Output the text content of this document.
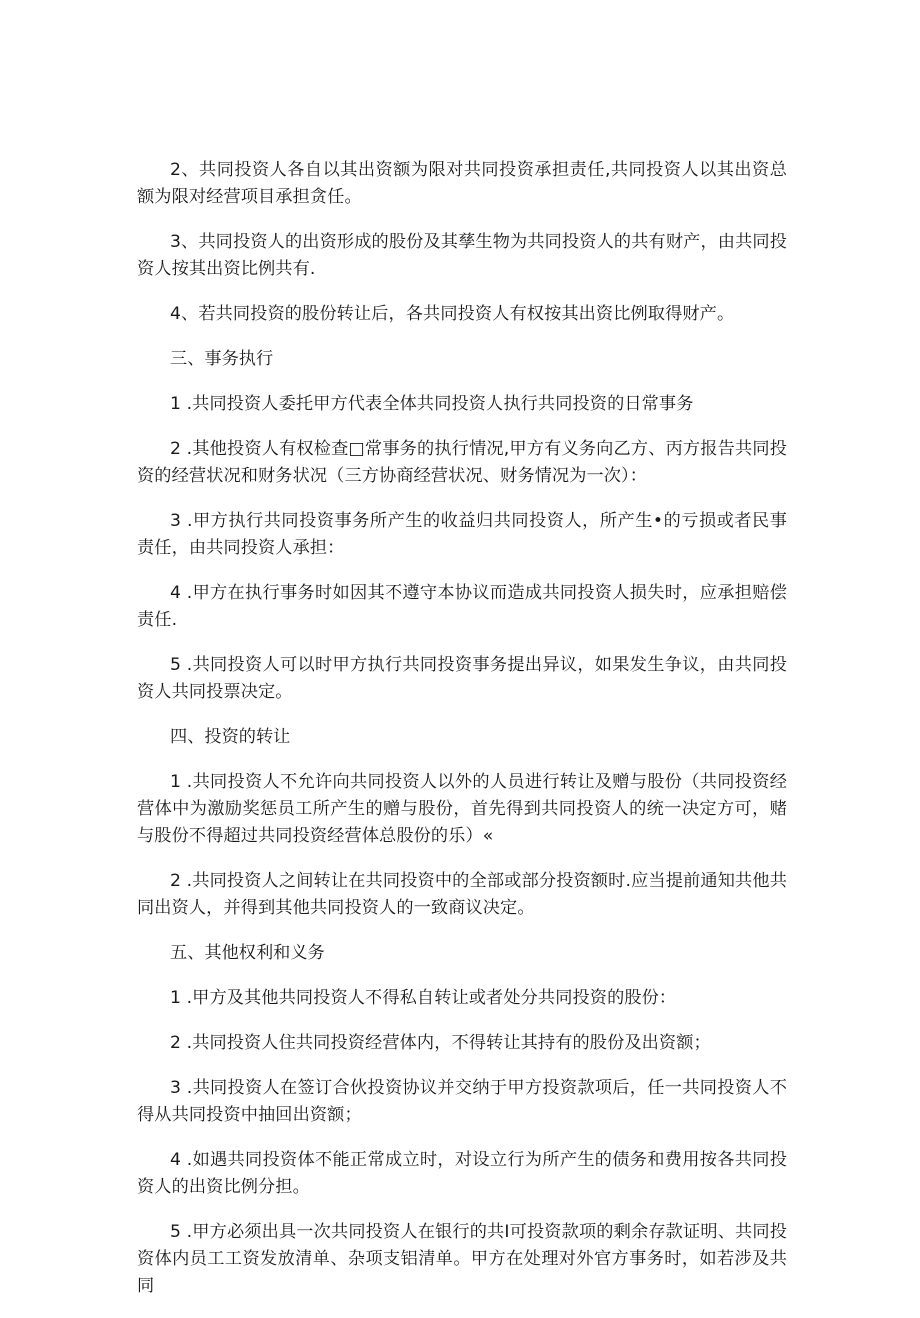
2、共同投资人各自以其出资额为限对共同投资承担责任,共同投资人以其出资总额为限对经营项目承担贪任。

3、共同投资人的出资形成的股份及其孳生物为共同投资人的共有财产，由共同投资人按其出资比例共有.

4、若共同投资的股份转让后，各共同投资人有权按其出资比例取得财产。

三、事务执行

1 .共同投资人委托甲方代表全体共同投资人执行共同投资的日常事务

2 .其他投资人有权检查□常事务的执行情况,甲方有义务向乙方、丙方报告共同投资的经营状况和财务状况（三方协商经营状况、财务情况为一次）：

3 .甲方执行共同投资事务所产生的收益归共同投资人，所产生•的亏损或者民事责任，由共同投资人承担：

4 .甲方在执行事务时如因其不遵守本协议而造成共同投资人损失时，应承担赔偿责任.

5 .共同投资人可以时甲方执行共同投资事务提出异议，如果发生争议，由共同投资人共同投票决定。

四、投资的转让

1 .共同投资人不允许向共同投资人以外的人员进行转让及赠与股份（共同投资经营体中为激励奖惩员工所产生的赠与股份，首先得到共同投资人的统一决定方可，赌与股份不得超过共同投资经营体总股份的乐）«

2 .共同投资人之间转让在共同投资中的全部或部分投资额时.应当提前通知共他共同出资人，并得到其他共同投资人的一致商议决定。

五、其他权利和义务

1 .甲方及其他共同投资人不得私自转让或者处分共同投资的股份：

2 .共同投资人住共同投资经营体内，不得转让其持有的股份及出资额；

3 .共同投资人在签订合伙投资协议并交纳于甲方投资款项后，任一共同投资人不得从共同投资中抽回出资额；

4 .如遇共同投资体不能正常成立时，对设立行为所产生的债务和费用按各共同投资人的出资比例分担。

5 .甲方必须出具一次共同投资人在银行的共I可投资款项的剩余存款证明、共同投资体内员工工资发放清单、杂项支铝清单。甲方在处理对外官方事务时，如若涉及共同
